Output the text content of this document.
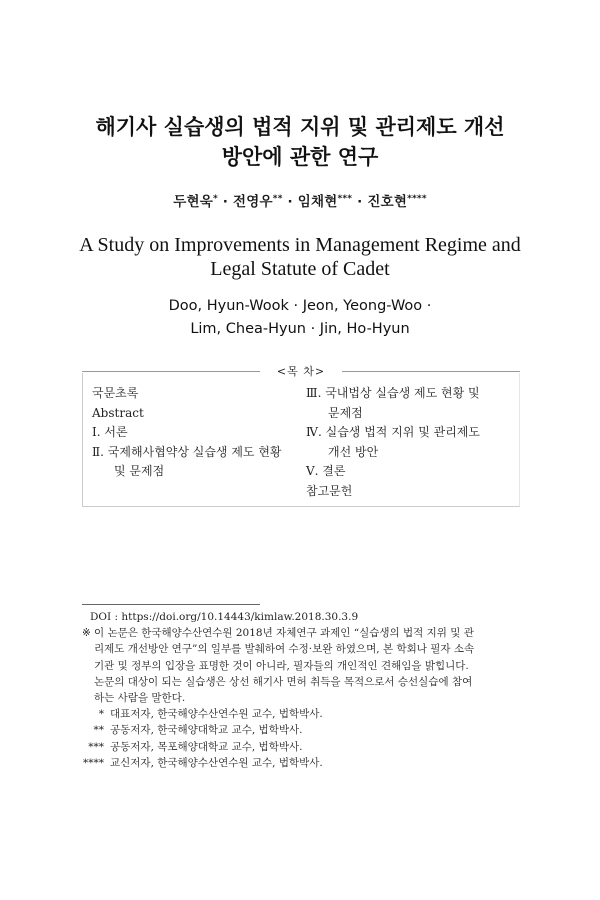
해기사 실습생의 법적 지위 및 관리제도 개선
방안에 관한 연구
두현욱* · 전영우** · 임채현*** · 진호현****
A Study on Improvements in Management Regime and
Legal Statute of Cadet
Doo, Hyun-Wook · Jeon, Yeong-Woo ·
Lim, Chea-Hyun · Jin, Ho-Hyun
<목 차>
국문초록
Abstract
Ⅰ. 서론
Ⅱ. 국제해사협약상 실습생 제도 현황
및 문제점
Ⅲ. 국내법상 실습생 제도 현황 및
문제점
Ⅳ. 실습생 법적 지위 및 관리제도
개선 방안
Ⅴ. 결론
참고문헌
DOI : https://doi.org/10.14443/kimlaw.2018.30.3.9
※ 이 논문은 한국해양수산연수원 2018년 자체연구 과제인 “실습생의 법적 지위 및 관
리제도 개선방안 연구”의 일부를 발췌하여 수정·보완 하였으며, 본 학회나 필자 소속
기관 및 정부의 입장을 표명한 것이 아니라, 필자들의 개인적인 견해임을 밝힙니다.
논문의 대상이 되는 실습생은 상선 해기사 면허 취득을 목적으로서 승선실습에 참여
하는 사람을 말한다.
* 대표저자, 한국해양수산연수원 교수, 법학박사.
** 공동저자, 한국해양대학교 교수, 법학박사.
*** 공동저자, 목포해양대학교 교수, 법학박사.
**** 교신저자, 한국해양수산연수원 교수, 법학박사.
